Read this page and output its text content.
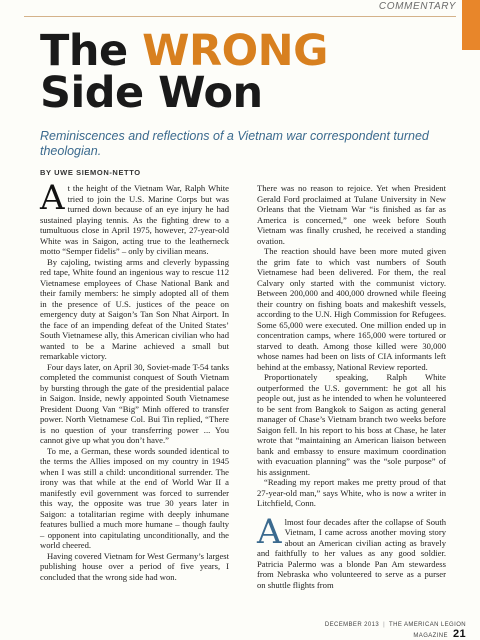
COMMENTARY
The WRONG
Side Won

Reminiscences and reflections of a Vietnam war correspondent turned theologian.

BY UWE SIEMON-NETTO

At the height of the Vietnam War, Ralph White tried to join the U.S. Marine Corps but was turned down because of an eye injury he had sustained playing tennis. As the fighting drew to a tumultuous close in April 1975, however, 27-year-old White was in Saigon, acting true to the leatherneck motto “Semper fidelis” – only by civilian means.

By cajoling, twisting arms and cleverly bypassing red tape, White found an ingenious way to rescue 112 Vietnamese employees of Chase National Bank and their family members: he simply adopted all of them in the presence of U.S. justices of the peace on emergency duty at Saigon’s Tan Son Nhat Airport. In the face of an impending defeat of the United States’ South Vietnamese ally, this American civilian who had wanted to be a Marine achieved a small but remarkable victory.

Four days later, on April 30, Soviet-made T-54 tanks completed the communist conquest of South Vietnam by bursting through the gate of the presidential palace in Saigon. Inside, newly appointed South Vietnamese President Duong Van “Big” Minh offered to transfer power. North Vietnamese Col. Bui Tin replied, “There is no question of your transferring power ... You cannot give up what you don’t have.”

To me, a German, these words sounded identical to the terms the Allies imposed on my country in 1945 when I was still a child: unconditional surrender. The irony was that while at the end of World War II a manifestly evil government was forced to surrender this way, the opposite was true 30 years later in Saigon: a totalitarian regime with deeply inhumane features bullied a much more humane – though faulty – opponent into capitulating unconditionally, and the world cheered.

Having covered Vietnam for West Germany’s largest publishing house over a period of five years, I concluded that the wrong side had won.

There was no reason to rejoice. Yet when President Gerald Ford proclaimed at Tulane University in New Orleans that the Vietnam War “is finished as far as America is concerned,” one week before South Vietnam was finally crushed, he received a standing ovation.

The reaction should have been more muted given the grim fate to which vast numbers of South Vietnamese had been delivered. For them, the real Calvary only started with the communist victory. Between 200,000 and 400,000 drowned while fleeing their country on fishing boats and makeshift vessels, according to the U.N. High Commission for Refugees. Some 65,000 were executed. One million ended up in concentration camps, where 165,000 were tortured or starved to death. Among those killed were 30,000 whose names had been on lists of CIA informants left behind at the embassy, National Review reported.

Proportionately speaking, Ralph White outperformed the U.S. government: he got all his people out, just as he intended to when he volunteered to be sent from Bangkok to Saigon as acting general manager of Chase’s Vietnam branch two weeks before Saigon fell. In his report to his boss at Chase, he later wrote that “maintaining an American liaison between bank and embassy to ensure maximum coordination with evacuation planning” was the “sole purpose” of his assignment.

“Reading my report makes me pretty proud of that 27-year-old man,” says White, who is now a writer in Litchfield, Conn.

Almost four decades after the collapse of South Vietnam, I came across another moving story about an American civilian acting as bravely and faithfully to her values as any good soldier. Patricia Palermo was a blonde Pan Am stewardess from Nebraska who volunteered to serve as a purser on shuttle flights from

DECEMBER 2013 | THE AMERICAN LEGION MAGAZINE 21
